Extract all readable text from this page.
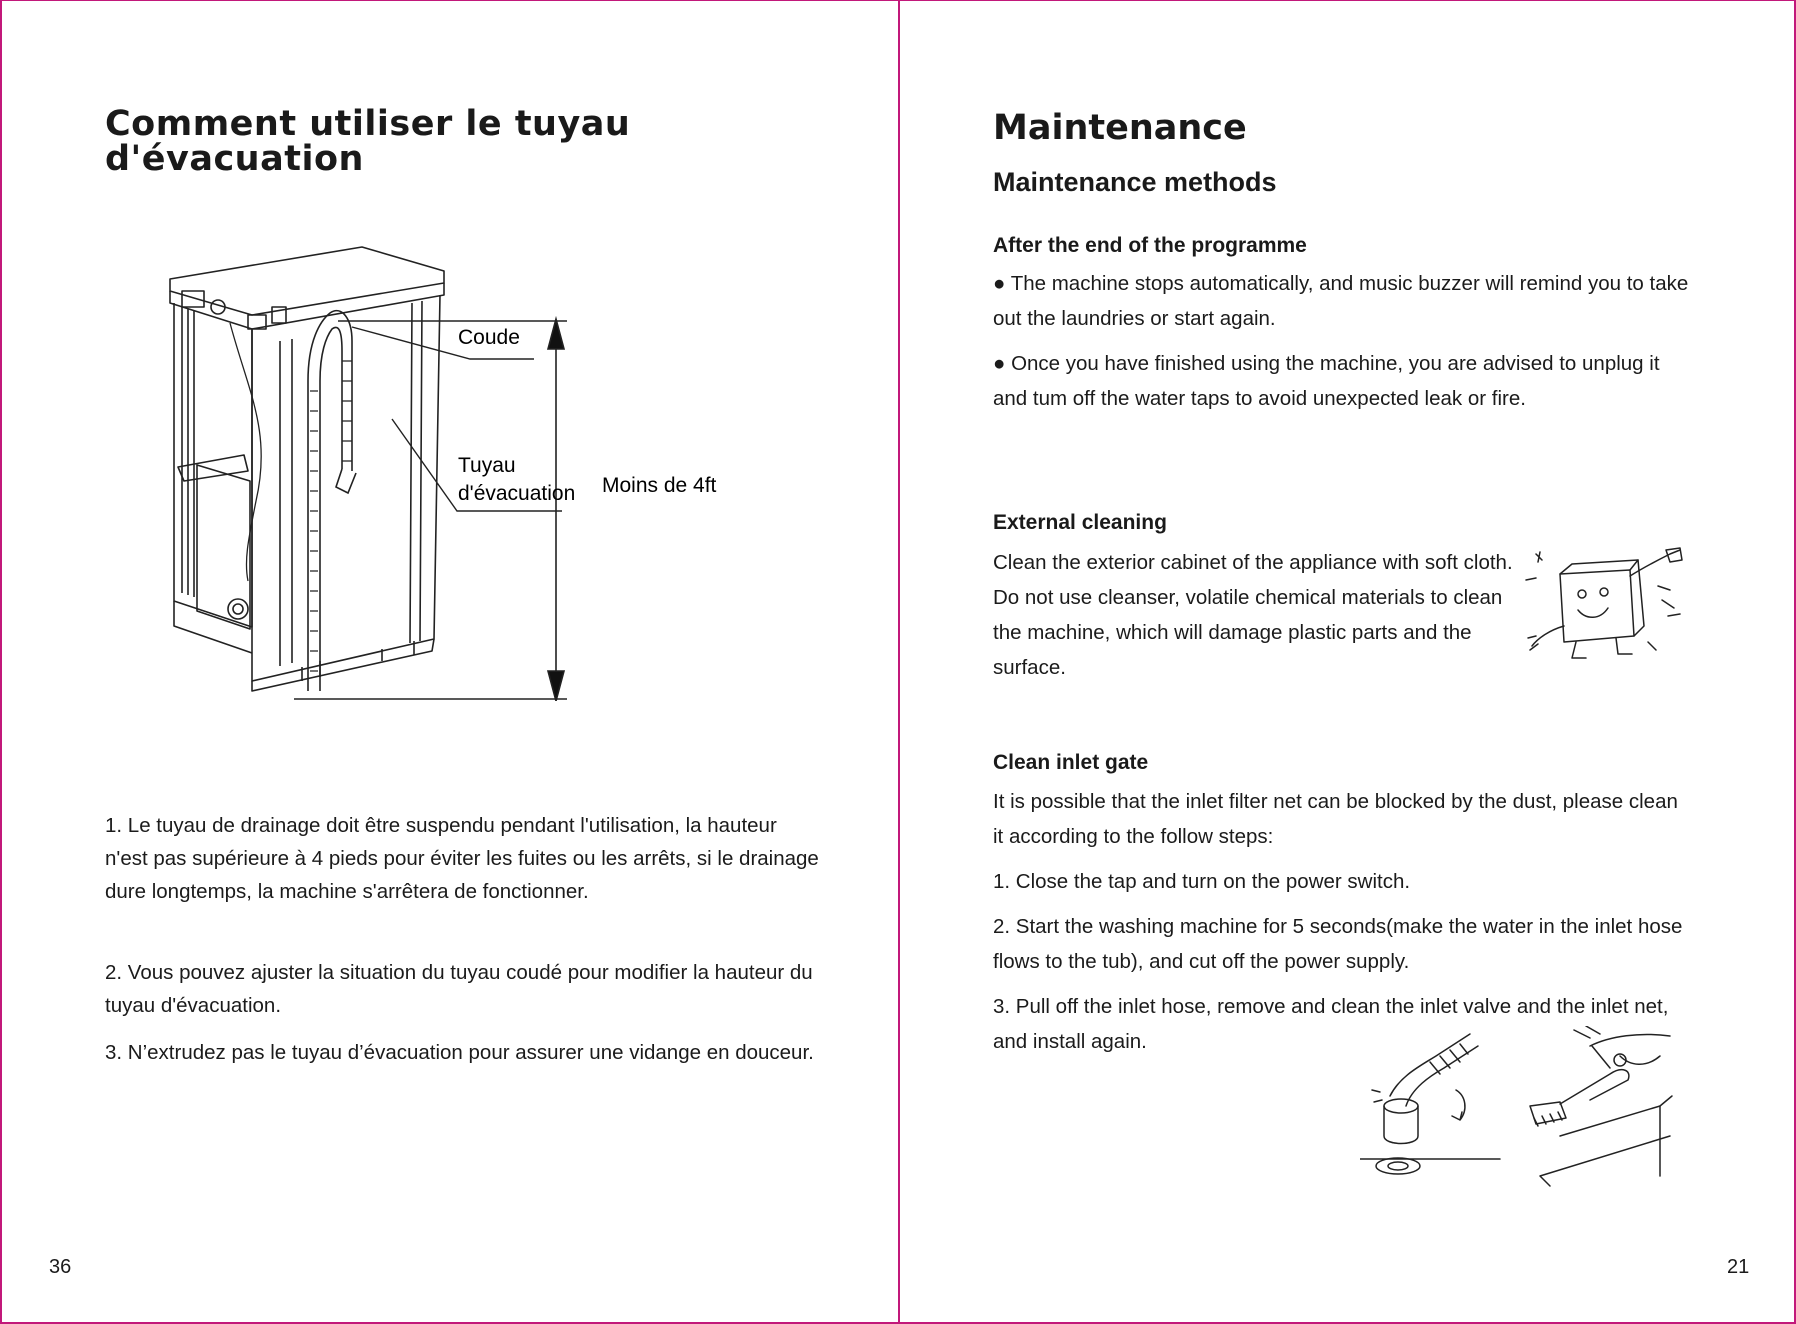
Comment utiliser le tuyau d'évacuation
Coude
Tuyau
d'évacuation Moins de 4ft

1. Le tuyau de drainage doit être suspendu pendant l'utilisation, la hauteur n'est pas supérieure à 4 pieds pour éviter les fuites ou les arrêts, si le drainage dure longtemps, la machine s'arrêtera de fonctionner.

2. Vous pouvez ajuster la situation du tuyau coudé pour modifier la hauteur du tuyau d'évacuation.

3. N’extrudez pas le tuyau d’évacuation pour assurer une vidange en douceur.

36
Maintenance
Maintenance methods
After the end of the programme

● The machine stops automatically, and music buzzer will remind you to take out the laundries or start again.

● Once you have finished using the machine, you are advised to unplug it and tum off the water taps to avoid unexpected leak or fire.

External cleaning

Clean the exterior cabinet of the appliance with soft cloth. Do not use cleanser, volatile chemical materials to clean the machine, which will damage plastic parts and the surface.

Clean inlet gate

It is possible that the inlet filter net can be blocked by the dust, please clean it according to the follow steps:

1. Close the tap and turn on the power switch.

2. Start the washing machine for 5 seconds(make the water in the inlet hose flows to the tub), and cut off the power supply.

3. Pull off the inlet hose, remove and clean the inlet valve and the inlet net, and install again.

21
